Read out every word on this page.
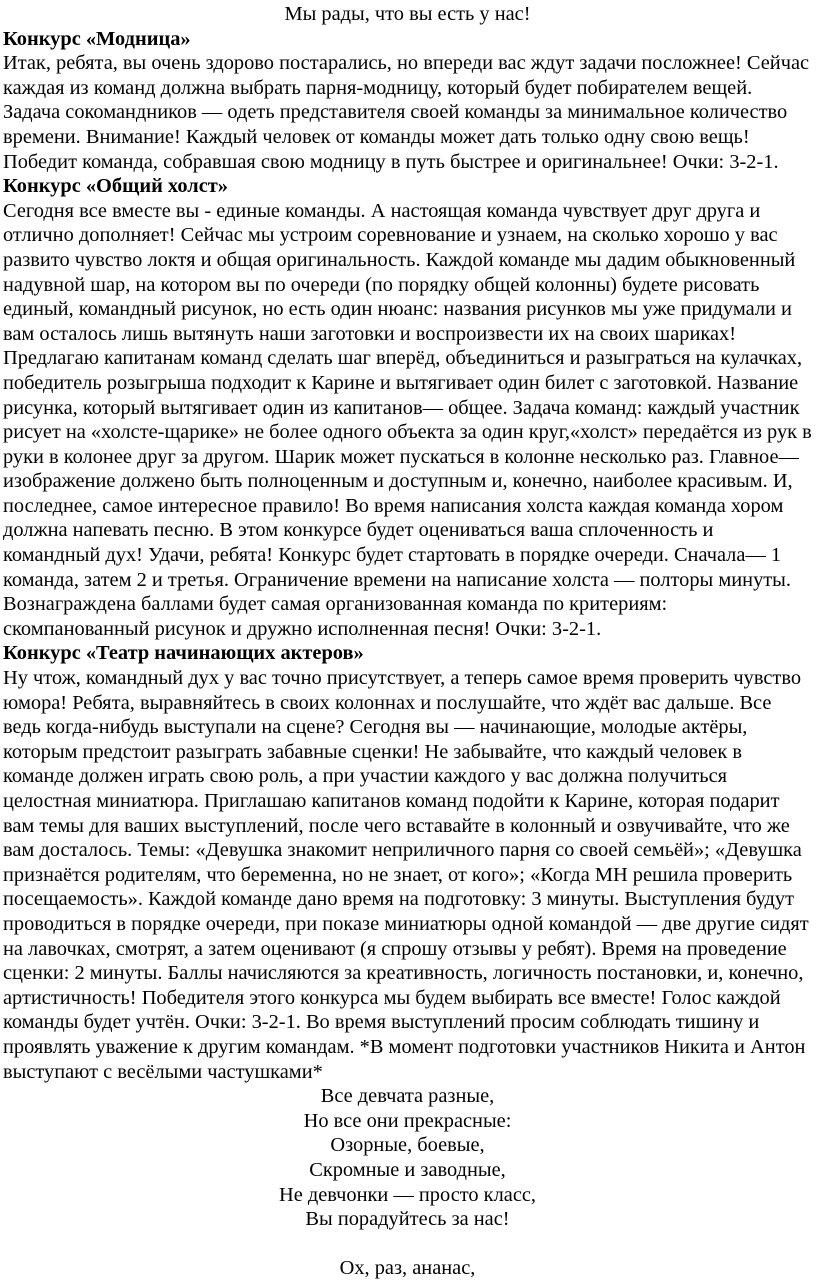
Мы рады, что вы есть у нас!

Конкурс «Модница»

Итак, ребята, вы очень здорово постарались, но впереди вас ждут задачи посложнее! Сейчас каждая из команд должна выбрать парня-модницу, который будет побирателем вещей. Задача сокомандников — одеть представителя своей команды за минимальное количество времени. Внимание! Каждый человек от команды может дать только одну свою вещь! Победит команда, собравшая свою модницу в путь быстрее и оригинальнее! Очки: 3-2-1.

Конкурс «Общий холст»

Сегодня все вместе вы - единые команды. А настоящая команда чувствует друг друга и отлично дополняет! Сейчас мы устроим соревнование и узнаем, на сколько хорошо у вас развито чувство локтя и общая оригинальность. Каждой команде мы дадим обыкновенный надувной шар, на котором вы по очереди (по порядку общей колонны) будете рисовать единый, командный рисунок, но есть один нюанс: названия рисунков мы уже придумали и вам осталось лишь вытянуть наши заготовки и воспроизвести их на своих шариках! Предлагаю капитанам команд сделать шаг вперёд, объединиться и разыграться на кулачках, победитель розыгрыша подходит к Карине и вытягивает один билет с заготовкой. Название рисунка, который вытягивает один из капитанов— общее. Задача команд: каждый участник рисует на «холсте-щарике» не более одного объекта за один круг,«холст» передаётся из рук в руки в колонее друг за другом. Шарик может пускаться в колонне несколько раз. Главное— изображение должено быть полноценным и доступным и, конечно, наиболее красивым. И, последнее, самое интересное правило! Во время написания холста каждая команда хором должна напевать песню. В этом конкурсе будет оцениваться ваша сплоченность и командный дух! Удачи, ребята! Конкурс будет стартовать в порядке очереди. Сначала— 1 команда, затем 2 и третья. Ограничение времени на написание холста — полторы минуты. Вознаграждена баллами будет самая организованная команда по критериям: скомпанованный рисунок и дружно исполненная песня! Очки: 3-2-1.

Конкурс «Театр начинающих актеров»

Ну чтож, командный дух у вас точно присутствует, а теперь самое время проверить чувство юмора! Ребята, выравняйтесь в своих колоннах и послушайте, что ждёт вас дальше. Все ведь когда-нибудь выступали на сцене? Сегодня вы — начинающие, молодые актёры, которым предстоит разыграть забавные сценки! Не забывайте, что каждый человек в команде должен играть свою роль, а при участии каждого у вас должна получиться целостная миниатюра. Приглашаю капитанов команд подойти к Карине, которая подарит вам темы для ваших выступлений, после чего вставайте в колонный и озвучивайте, что же вам досталось. Темы: «Девушка знакомит неприличного парня со своей семьёй»; «Девушка признаётся родителям, что беременна, но не знает, от кого»; «Когда МН решила проверить посещаемость». Каждой команде дано время на подготовку: 3 минуты. Выступления будут проводиться в порядке очереди, при показе миниатюры одной командой — две другие сидят на лавочках, смотрят, а затем оценивают (я спрошу отзывы у ребят). Время на проведение сценки: 2 минуты. Баллы начисляются за креативность, логичность постановки, и, конечно, артистичность! Победителя этого конкурса мы будем выбирать все вместе! Голос каждой команды будет учтён. Очки: 3-2-1. Во время выступлений просим соблюдать тишину и проявлять уважение к другим командам. *В момент подготовки участников Никита и Антон выступают с весёлыми частушками*

Все девчата разные,
Но все они прекрасные:
Озорные, боевые,
Скромные и заводные,
Не девчонки — просто класс,
Вы порадуйтесь за нас!
Ох, раз, ананас,
